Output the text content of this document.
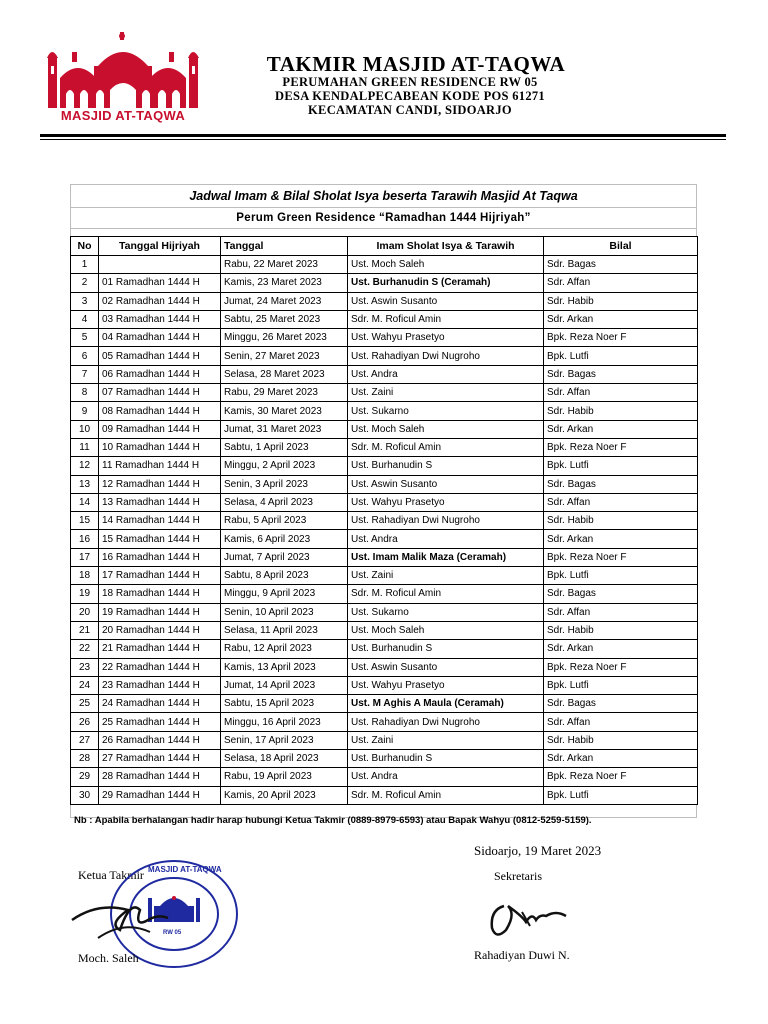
MASJID AT-TAQWA
TAKMIR MASJID AT-TAQWA
PERUMAHAN GREEN RESIDENCE RW 05
DESA KENDALPECABEAN KODE POS 61271
KECAMATAN CANDI, SIDOARJO
Jadwal Imam & Bilal Sholat Isya beserta Tarawih Masjid At Taqwa
Perum Green Residence “Ramadhan 1444 Hijriyah”
No	Tanggal Hijriyah	Tanggal	Imam Sholat Isya & Tarawih	Bilal
1		Rabu, 22 Maret 2023	Ust. Moch Saleh	Sdr. Bagas
2	01 Ramadhan 1444 H	Kamis, 23 Maret 2023	Ust. Burhanudin S (Ceramah)	Sdr. Affan
3	02 Ramadhan 1444 H	Jumat, 24 Maret 2023	Ust. Aswin Susanto	Sdr. Habib
4	03 Ramadhan 1444 H	Sabtu, 25 Maret 2023	Sdr. M. Roficul Amin	Sdr. Arkan
5	04 Ramadhan 1444 H	Minggu, 26 Maret 2023	Ust. Wahyu Prasetyo	Bpk. Reza Noer F
6	05 Ramadhan 1444 H	Senin, 27 Maret 2023	Ust. Rahadiyan Dwi Nugroho	Bpk. Lutfi
7	06 Ramadhan 1444 H	Selasa, 28 Maret 2023	Ust. Andra	Sdr. Bagas
8	07 Ramadhan 1444 H	Rabu, 29 Maret 2023	Ust. Zaini	Sdr. Affan
9	08 Ramadhan 1444 H	Kamis, 30 Maret 2023	Ust. Sukarno	Sdr. Habib
10	09 Ramadhan 1444 H	Jumat, 31 Maret 2023	Ust. Moch Saleh	Sdr. Arkan
11	10 Ramadhan 1444 H	Sabtu, 1 April 2023	Sdr. M. Roficul Amin	Bpk. Reza Noer F
12	11 Ramadhan 1444 H	Minggu, 2 April 2023	Ust. Burhanudin S	Bpk. Lutfi
13	12 Ramadhan 1444 H	Senin, 3 April 2023	Ust. Aswin Susanto	Sdr. Bagas
14	13 Ramadhan 1444 H	Selasa, 4 April 2023	Ust. Wahyu Prasetyo	Sdr. Affan
15	14 Ramadhan 1444 H	Rabu, 5 April 2023	Ust. Rahadiyan Dwi Nugroho	Sdr. Habib
16	15 Ramadhan 1444 H	Kamis, 6 April 2023	Ust. Andra	Sdr. Arkan
17	16 Ramadhan 1444 H	Jumat, 7 April 2023	Ust. Imam Malik Maza (Ceramah)	Bpk. Reza Noer F
18	17 Ramadhan 1444 H	Sabtu, 8 April 2023	Ust. Zaini	Bpk. Lutfi
19	18 Ramadhan 1444 H	Minggu, 9 April 2023	Sdr. M. Roficul Amin	Sdr. Bagas
20	19 Ramadhan 1444 H	Senin, 10 April 2023	Ust. Sukarno	Sdr. Affan
21	20 Ramadhan 1444 H	Selasa, 11 April 2023	Ust. Moch Saleh	Sdr. Habib
22	21 Ramadhan 1444 H	Rabu, 12 April 2023	Ust. Burhanudin S	Sdr. Arkan
23	22 Ramadhan 1444 H	Kamis, 13 April 2023	Ust. Aswin Susanto	Bpk. Reza Noer F
24	23 Ramadhan 1444 H	Jumat, 14 April 2023	Ust. Wahyu Prasetyo	Bpk. Lutfi
25	24 Ramadhan 1444 H	Sabtu, 15 April 2023	Ust. M Aghis A Maula (Ceramah)	Sdr. Bagas
26	25 Ramadhan 1444 H	Minggu, 16 April 2023	Ust. Rahadiyan Dwi Nugroho	Sdr. Affan
27	26 Ramadhan 1444 H	Senin, 17 April 2023	Ust. Zaini	Sdr. Habib
28	27 Ramadhan 1444 H	Selasa, 18 April 2023	Ust. Burhanudin S	Sdr. Arkan
29	28 Ramadhan 1444 H	Rabu, 19 April 2023	Ust. Andra	Bpk. Reza Noer F
30	29 Ramadhan 1444 H	Kamis, 20 April 2023	Sdr. M. Roficul Amin	Bpk. Lutfi
Nb : Apabila berhalangan hadir harap hubungi Ketua Takmir (0889-8979-6593) atau Bapak Wahyu (0812-5259-5159).
Ketua Takmir MASJID AT-TAQWA
RW 05
Moch. Saleh
Sidoarjo, 19 Maret 2023
Sekretaris
Rahadiyan Duwi N.
